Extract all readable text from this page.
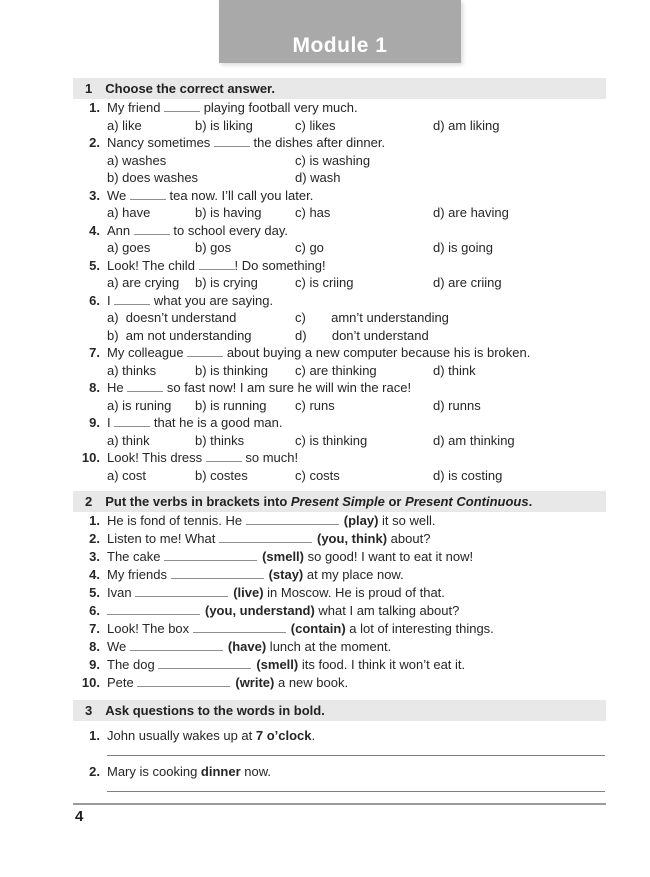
Module 1
1 Choose the correct answer.
1. My friend	playing football very much.
a) like	b) is liking	c) likes	d) am liking
2. Nancy sometimes	the dishes after dinner.
a) washes	c) is washing
b) does washes	d) wash
3. We	tea now. I’ll call you later.
a) have	b) is having	c) has	d) are having
4. Ann	to school every day.
a) goes	b) gos	c) go	d) is going
5. Look! The child	! Do something!
a) are crying	b) is crying	c) is criing	d) are criing
6. I	what you are saying.
a)  doesn’t understand	c)       amn’t understanding
b)  am not understanding	d)       don’t understand
7. My colleague	about buying a new computer because his is broken.
a) thinks	b) is thinking	c) are thinking	d) think
8. He	so fast now! I am sure he will win the race!
a) is runing	b) is running	c) runs	d) runns
9. I	that he is a good man.
a) think	b) thinks	c) is thinking	d) am thinking
10. Look! This dress	so much!
a) cost	b) costes	c) costs	d) is costing
2 Put the verbs in brackets into Present Simple or Present Continuous.
1. He is fond of tennis. He	(play) it so well.
2. Listen to me! What	(you, think) about?
3. The cake	(smell) so good! I want to eat it now!
4. My friends	(stay) at my place now.
5. Ivan	(live) in Moscow. He is proud of that.
6.	(you, understand) what I am talking about?
7. Look! The box	(contain) a lot of interesting things.
8. We	(have) lunch at the moment.
9. The dog	(smell) its food. I think it won’t eat it.
10. Pete	(write) a new book.
3 Ask questions to the words in bold.
1. John usually wakes up at 7 o’clock.
2. Mary is cooking dinner now.
4
